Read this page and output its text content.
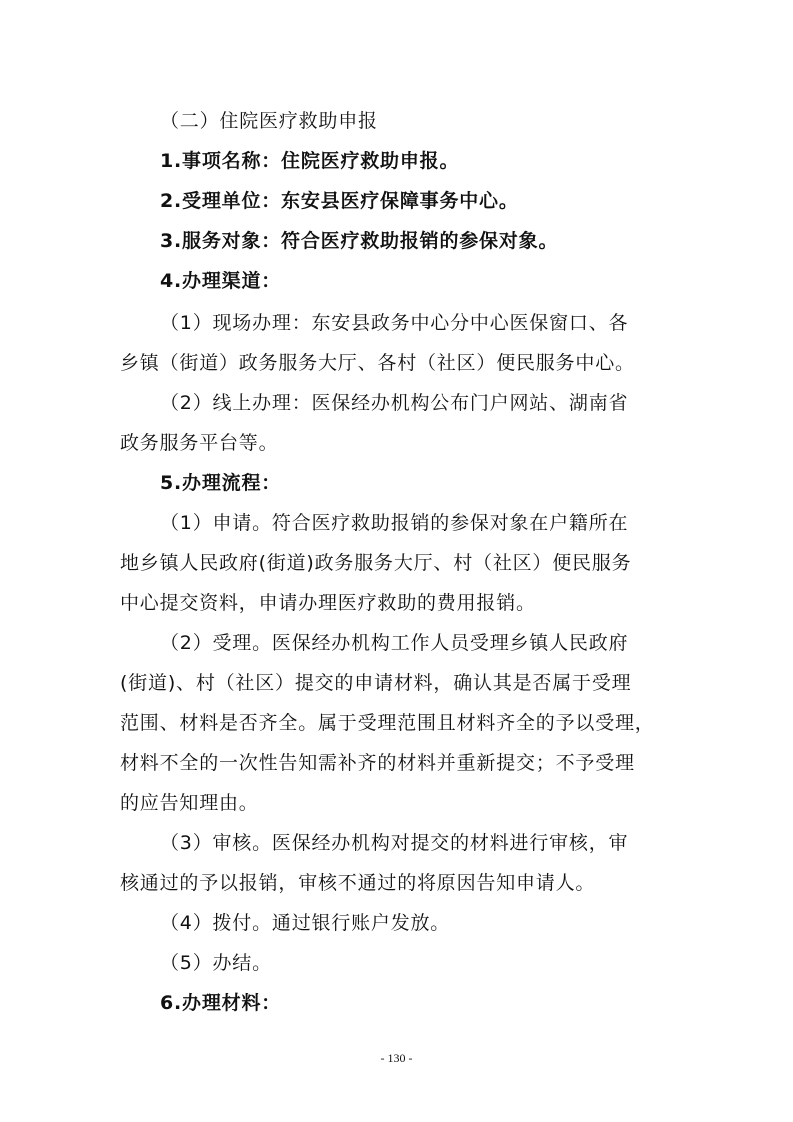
（二）住院医疗救助申报
1.事项名称：住院医疗救助申报。
2.受理单位：东安县医疗保障事务中心。
3.服务对象：符合医疗救助报销的参保对象。
4.办理渠道：
（1）现场办理：东安县政务中心分中心医保窗口、各
乡镇（街道）政务服务大厅、各村（社区）便民服务中心。
（2）线上办理：医保经办机构公布门户网站、湖南省
政务服务平台等。
5.办理流程：
（1）申请。符合医疗救助报销的参保对象在户籍所在
地乡镇人民政府(街道)政务服务大厅、村（社区）便民服务
中心提交资料，申请办理医疗救助的费用报销。
（2）受理。医保经办机构工作人员受理乡镇人民政府
(街道)、村（社区）提交的申请材料，确认其是否属于受理
范围、材料是否齐全。属于受理范围且材料齐全的予以受理，
材料不全的一次性告知需补齐的材料并重新提交；不予受理
的应告知理由。
（3）审核。医保经办机构对提交的材料进行审核，审
核通过的予以报销，审核不通过的将原因告知申请人。
（4）拨付。通过银行账户发放。
（5）办结。
6.办理材料：
- 130 -
